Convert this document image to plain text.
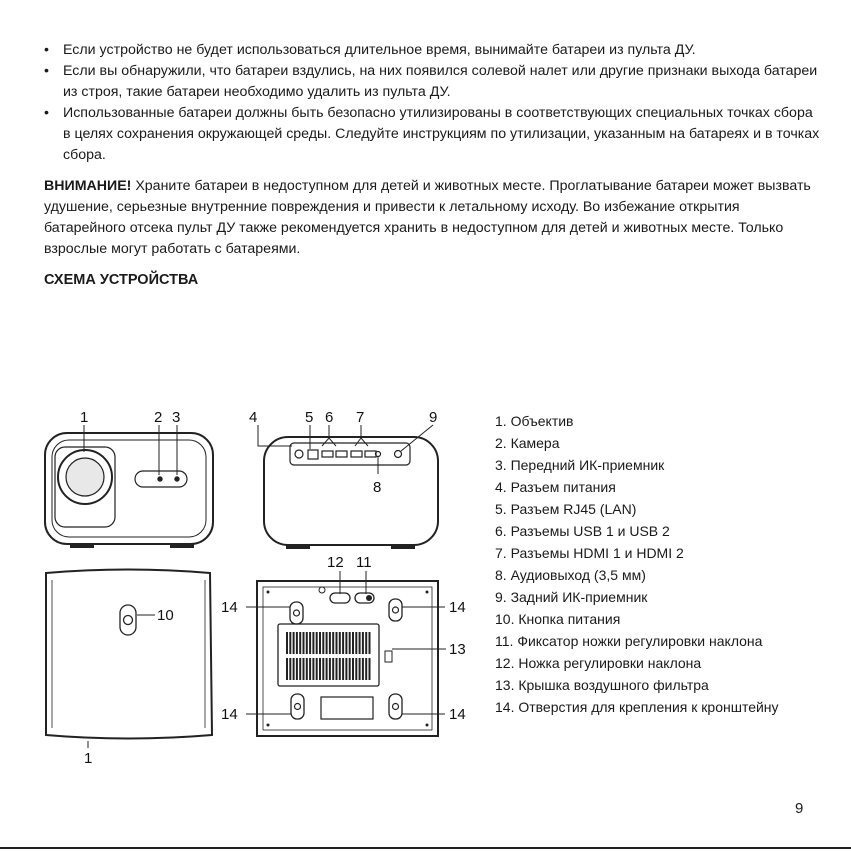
• Если устройство не будет использоваться длительное время, вынимайте батареи из пульта ДУ.
• Если вы обнаружили, что батареи вздулись, на них появился солевой налет или другие признаки выхода батареи из строя, такие батареи необходимо удалить из пульта ДУ.
• Использованные батареи должны быть безопасно утилизированы в соответствующих специальных точках сбора в целях сохранения окружающей среды. Следуйте инструкциям по утилизации, указанным на батареях и в точках сбора.

ВНИМАНИЕ! Храните батареи в недоступном для детей и животных месте. Проглатывание батареи может вызвать удушение, серьезные внутренние повреждения и привести к летальному исходу. Во избежание открытия батарейного отсека пульт ДУ также рекомендуется хранить в недоступном для детей и животных месте. Только взрослые могут работать с батареями.

СХЕМА УСТРОЙСТВА
1	2 3	4	5 6 7	9
8
10
1
12 11
13
14	14
14	14
1. Объектив
2. Камера
3. Передний ИК-приемник
4. Разъем питания
5. Разъем RJ45 (LAN)
6. Разъемы USB 1 и USB 2
7. Разъемы HDMI 1 и HDMI 2
8. Аудиовыход (3,5 мм)
9. Задний ИК-приемник
10. Кнопка питания
11. Фиксатор ножки регулировки наклона
12. Ножка регулировки наклона
13. Крышка воздушного фильтра
14. Отверстия для крепления к кронштейну
9
